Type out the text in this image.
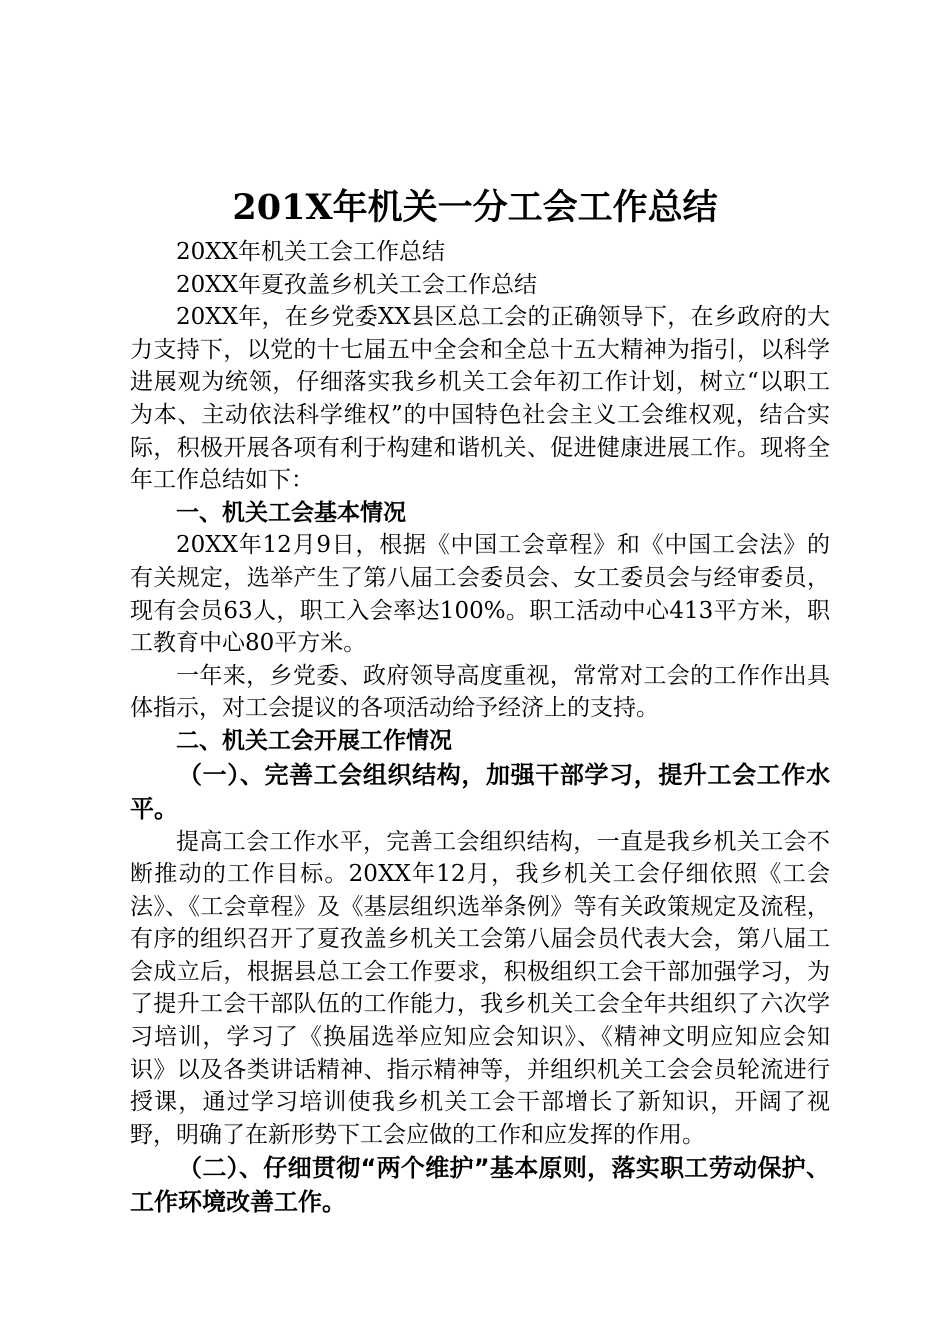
201X年机关一分工会工作总结

20XX年机关工会工作总结

20XX年夏孜盖乡机关工会工作总结

20XX年，在乡党委XX县区总工会的正确领导下，在乡政府的大力支持下，以党的十七届五中全会和全总十五大精神为指引，以科学进展观为统领，仔细落实我乡机关工会年初工作计划，树立“以职工为本、主动依法科学维权”的中国特色社会主义工会维权观，结合实际，积极开展各项有利于构建和谐机关、促进健康进展工作。现将全年工作总结如下：

一、机关工会基本情况

20XX年12月9日，根据《中国工会章程》和《中国工会法》的有关规定，选举产生了第八届工会委员会、女工委员会与经审委员，现有会员63人，职工入会率达100%。职工活动中心413平方米，职工教育中心80平方米。

一年来，乡党委、政府领导高度重视，常常对工会的工作作出具体指示，对工会提议的各项活动给予经济上的支持。

二、机关工会开展工作情况

（一）、完善工会组织结构，加强干部学习，提升工会工作水平。

提高工会工作水平，完善工会组织结构，一直是我乡机关工会不断推动的工作目标。20XX年12月，我乡机关工会仔细依照《工会法》、《工会章程》及《基层组织选举条例》等有关政策规定及流程，有序的组织召开了夏孜盖乡机关工会第八届会员代表大会，第八届工会成立后，根据县总工会工作要求，积极组织工会干部加强学习，为了提升工会干部队伍的工作能力，我乡机关工会全年共组织了六次学习培训，学习了《换届选举应知应会知识》、《精神文明应知应会知识》以及各类讲话精神、指示精神等，并组织机关工会会员轮流进行授课，通过学习培训使我乡机关工会干部增长了新知识，开阔了视野，明确了在新形势下工会应做的工作和应发挥的作用。

（二）、仔细贯彻“两个维护”基本原则，落实职工劳动保护、工作环境改善工作。
